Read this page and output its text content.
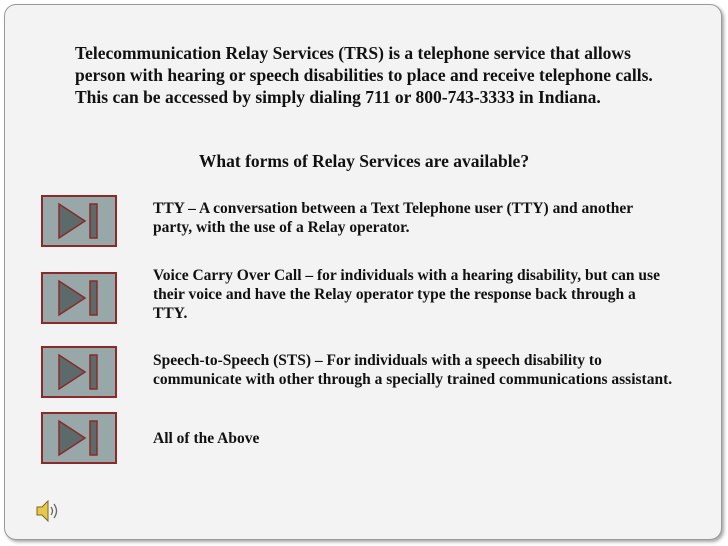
Telecommunication Relay Services (TRS) is a telephone service that allows person with hearing or speech disabilities to place and receive telephone calls. This can be accessed by simply dialing 711 or 800-743-3333 in Indiana.
What forms of Relay Services are available?
TTY – A conversation between a Text Telephone user (TTY) and another party, with the use of a Relay operator.
Voice Carry Over Call – for individuals with a hearing disability, but can use their voice and have the Relay operator type the response back through a TTY.
Speech-to-Speech (STS) – For individuals with a speech disability to communicate with other through a specially trained communications assistant.
All of the Above
